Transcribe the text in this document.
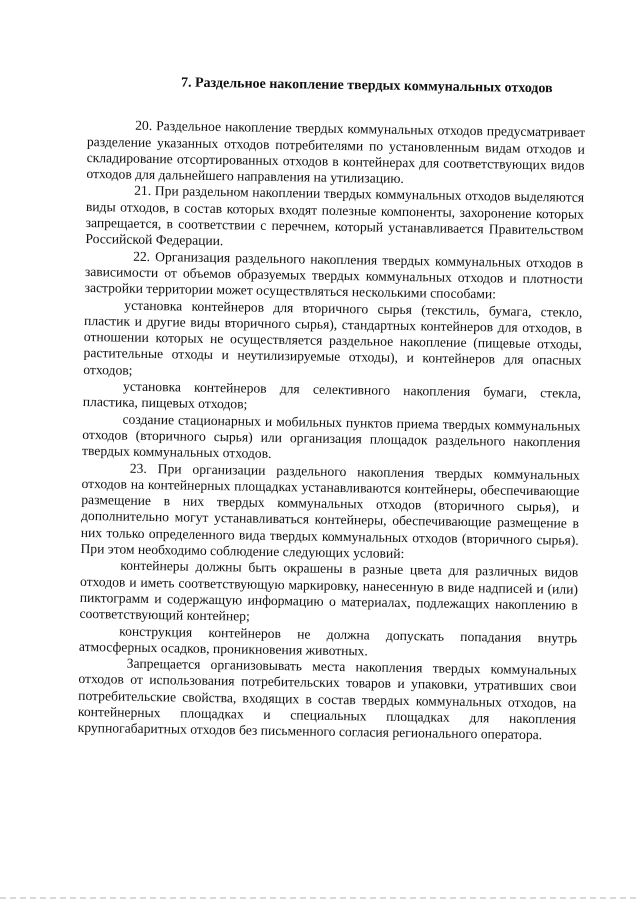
7. Раздельное накопление твердых коммунальных отходов

20. Раздельное накопление твердых коммунальных отходов предусматривает разделение указанных отходов потребителями по установленным видам отходов и складирование отсортированных отходов в контейнерах для соответствующих видов отходов для дальнейшего направления на утилизацию.

21. При раздельном накоплении твердых коммунальных отходов выделяются виды отходов, в состав которых входят полезные компоненты, захоронение которых запрещается, в соответствии с перечнем, который устанавливается Правительством Российской Федерации.

22. Организация раздельного накопления твердых коммунальных отходов в зависимости от объемов образуемых твердых коммунальных отходов и плотности застройки территории может осуществляться несколькими способами:

установка контейнеров для вторичного сырья (текстиль, бумага, стекло, пластик и другие виды вторичного сырья), стандартных контейнеров для отходов, в отношении которых не осуществляется раздельное накопление (пищевые отходы, растительные отходы и неутилизируемые отходы), и контейнеров для опасных отходов;

установка контейнеров для селективного накопления бумаги, стекла, пластика, пищевых отходов;

создание стационарных и мобильных пунктов приема твердых коммунальных отходов (вторичного сырья) или организация площадок раздельного накопления твердых коммунальных отходов.

23. При организации раздельного накопления твердых коммунальных отходов на контейнерных площадках устанавливаются контейнеры, обеспечивающие размещение в них твердых коммунальных отходов (вторичного сырья), и дополнительно могут устанавливаться контейнеры, обеспечивающие размещение в них только определенного вида твердых коммунальных отходов (вторичного сырья). При этом необходимо соблюдение следующих условий:

контейнеры должны быть окрашены в разные цвета для различных видов отходов и иметь соответствующую маркировку, нанесенную в виде надписей и (или) пиктограмм и содержащую информацию о материалах, подлежащих накоплению в соответствующий контейнер;

конструкция контейнеров не должна допускать попадания внутрь атмосферных осадков, проникновения животных.

Запрещается организовывать места накопления твердых коммунальных отходов от использования потребительских товаров и упаковки, утративших свои потребительские свойства, входящих в состав твердых коммунальных отходов, на контейнерных площадках и специальных площадках для накопления крупногабаритных отходов без письменного согласия регионального оператора.
